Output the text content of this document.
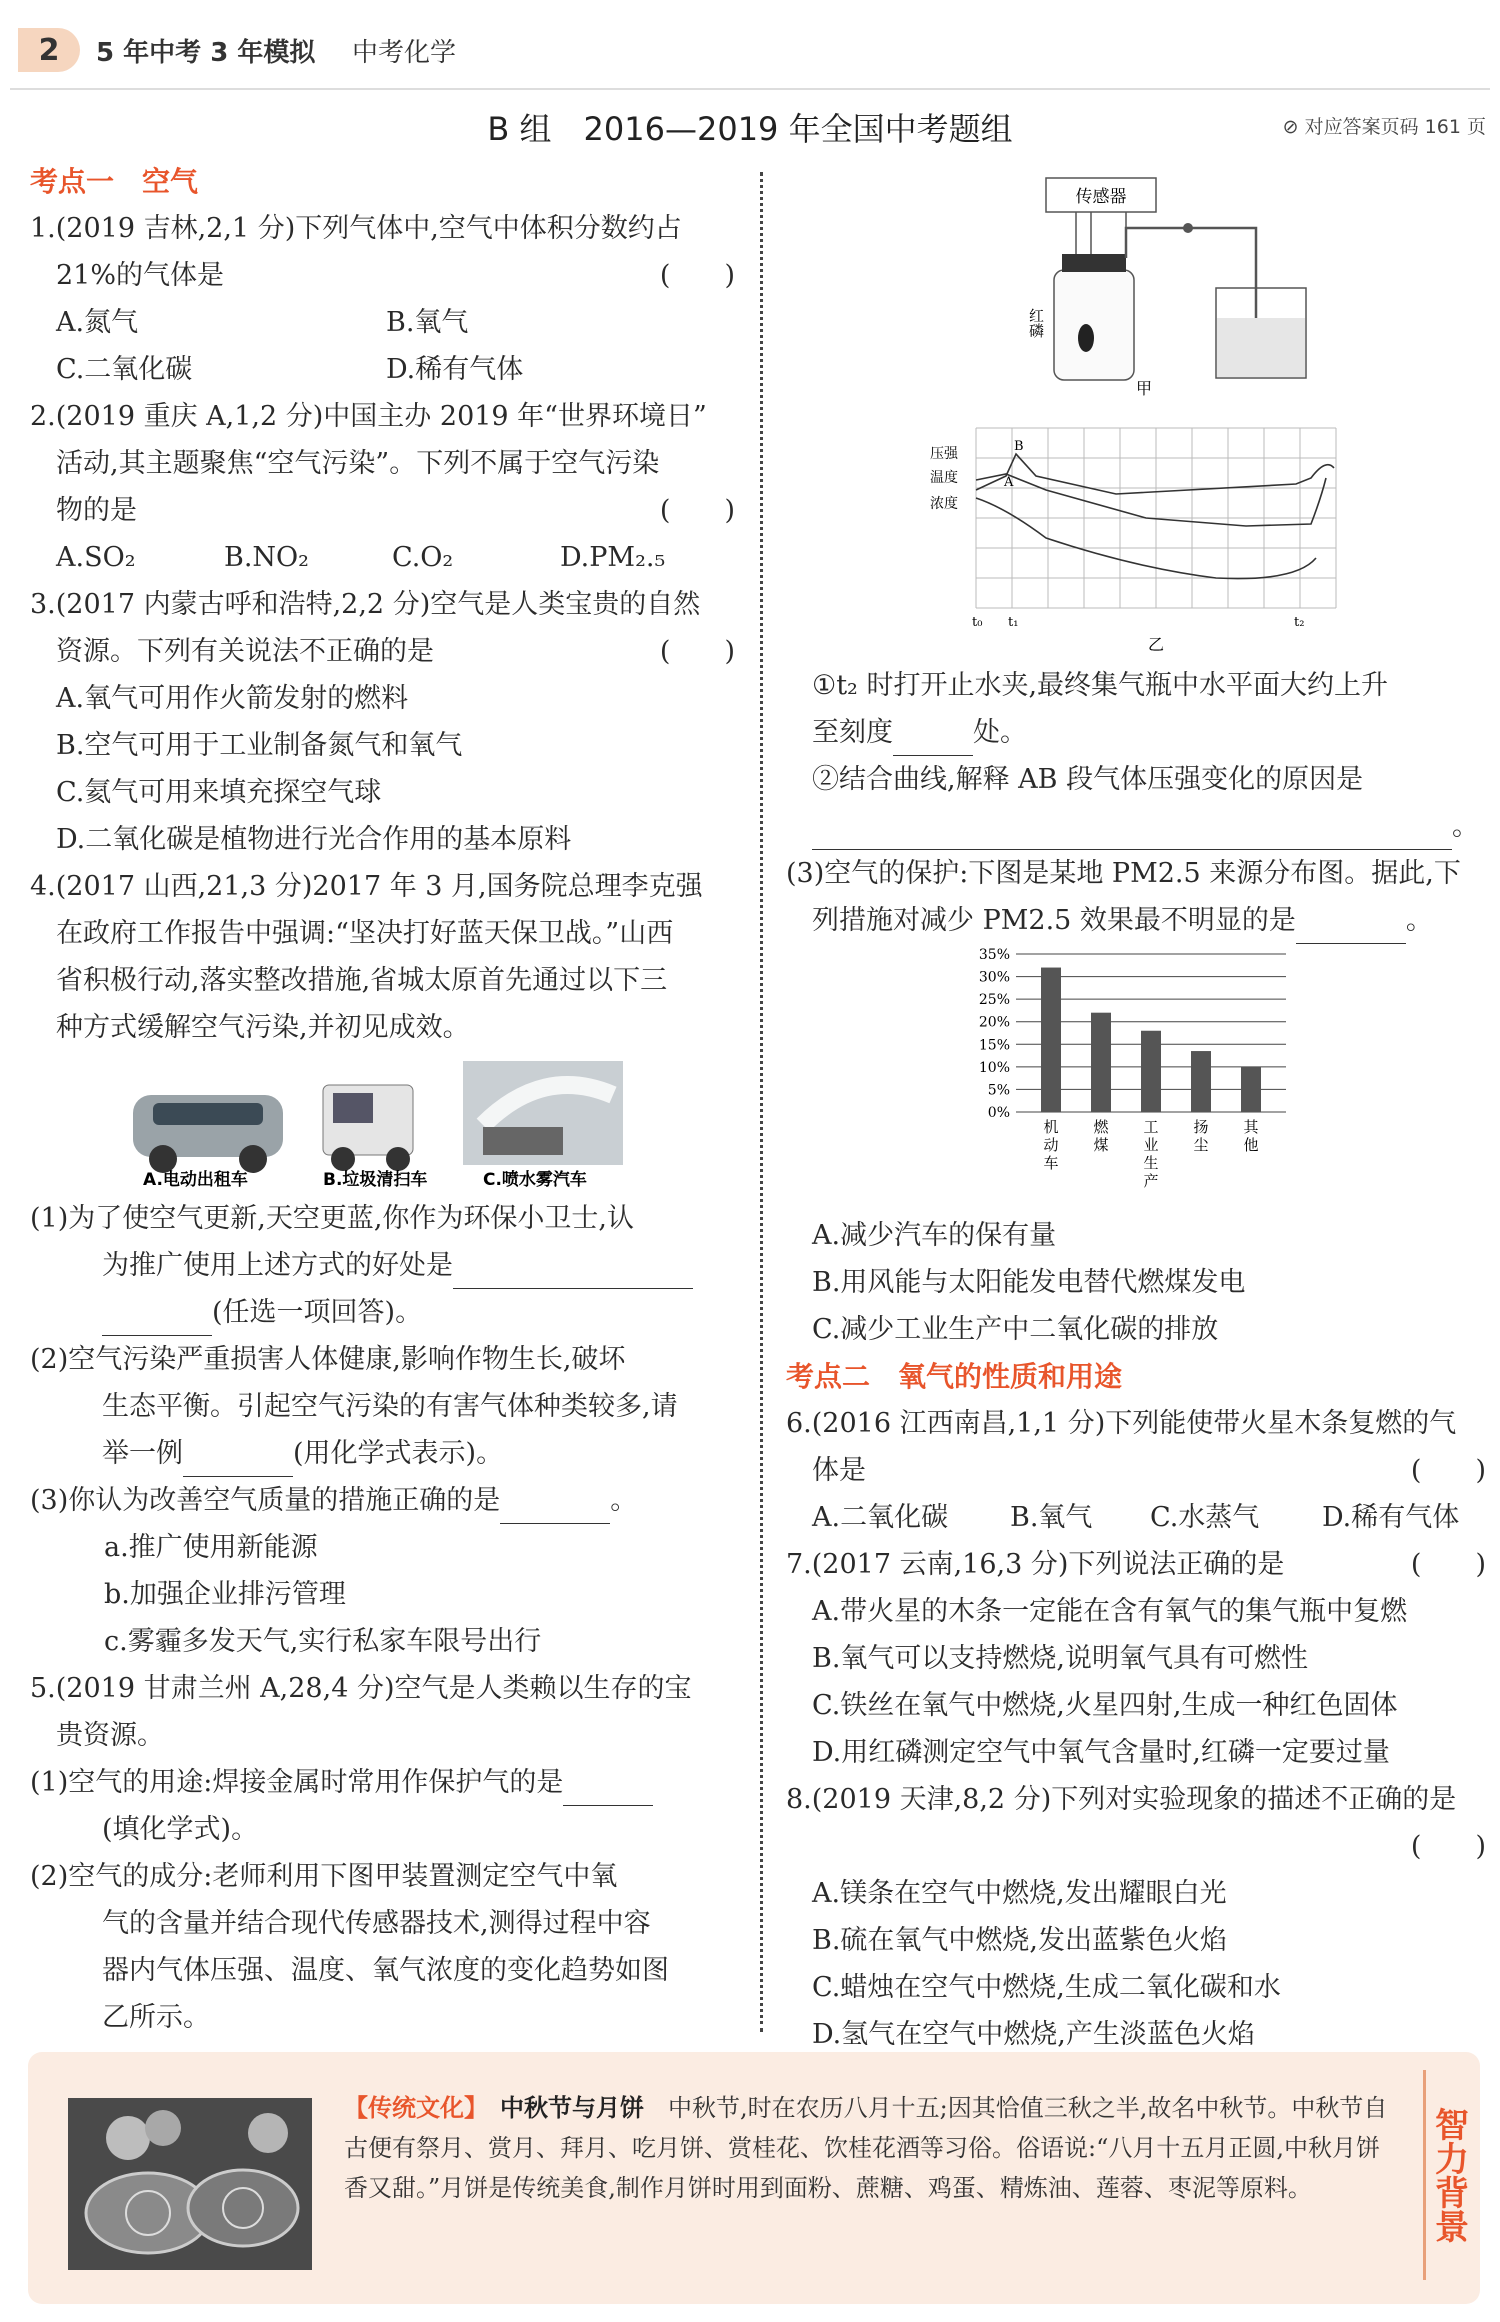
2	5 年中考 3 年模拟 中考化学
B 组　2016—2019 年全国中考题组	⊘ 对应答案页码 161 页
考点一　空气
1.(2019 吉林,2,1 分)下列气体中,空气中体积分数约占
21%的气体是	(　　)
A.氮气	B.氧气
C.二氧化碳	D.稀有气体
2.(2019 重庆 A,1,2 分)中国主办 2019 年“世界环境日”
活动,其主题聚焦“空气污染”。下列不属于空气污染
物的是	(　　)
A.SO₂	B.NO₂	C.O₂	D.PM₂.₅
3.(2017 内蒙古呼和浩特,2,2 分)空气是人类宝贵的自然
资源。下列有关说法不正确的是	(　　)
A.氧气可用作火箭发射的燃料
B.空气可用于工业制备氮气和氧气
C.氦气可用来填充探空气球
D.二氧化碳是植物进行光合作用的基本原料
4.(2017 山西,21,3 分)2017 年 3 月,国务院总理李克强
在政府工作报告中强调:“坚决打好蓝天保卫战。”山西
省积极行动,落实整改措施,省城太原首先通过以下三
种方式缓解空气污染,并初见成效。
A.电动出租车	B.垃圾清扫车	C.喷水雾汽车
(1)为了使空气更新,天空更蓝,你作为环保小卫士,认
为推广使用上述方式的好处是
(任选一项回答)。
(2)空气污染严重损害人体健康,影响作物生长,破坏
生态平衡。引起空气污染的有害气体种类较多,请
举一例	(用化学式表示)。
(3)你认为改善空气质量的措施正确的是	。
a.推广使用新能源
b.加强企业排污管理
c.雾霾多发天气,实行私家车限号出行
5.(2019 甘肃兰州 A,28,4 分)空气是人类赖以生存的宝
贵资源。
(1)空气的用途:焊接金属时常用作保护气的是
(填化学式)。
(2)空气的成分:老师利用下图甲装置测定空气中氧
气的含量并结合现代传感器技术,测得过程中容
器内气体压强、温度、氧气浓度的变化趋势如图
乙所示。
传感器
红磷
甲
压强
温度
浓度
A
B
t₀ t₁	t₂
乙
①t₂ 时打开止水夹,最终集气瓶中水平面大约上升
至刻度	处。
②结合曲线,解释 AB 段气体压强变化的原因是
。
(3)空气的保护:下图是某地 PM2.5 来源分布图。据此,下
列措施对减少 PM2.5 效果最不明显的是	。
0%
5%
10%
15%
20%
25%
30%
35%
机
动
车
燃
煤
工
业
生
产
扬
尘
其
他
A.减少汽车的保有量
B.用风能与太阳能发电替代燃煤发电
C.减少工业生产中二氧化碳的排放
考点二　氧气的性质和用途
6.(2016 江西南昌,1,1 分)下列能使带火星木条复燃的气
体是	(　　)
A.二氧化碳 B.氧气 C.水蒸气 D.稀有气体
7.(2017 云南,16,3 分)下列说法正确的是	(　　)
A.带火星的木条一定能在含有氧气的集气瓶中复燃
B.氧气可以支持燃烧,说明氧气具有可燃性
C.铁丝在氧气中燃烧,火星四射,生成一种红色固体
D.用红磷测定空气中氧气含量时,红磷一定要过量
8.(2019 天津,8,2 分)下列对实验现象的描述不正确的是
(　　)
A.镁条在空气中燃烧,发出耀眼白光
B.硫在氧气中燃烧,发出蓝紫色火焰
C.蜡烛在空气中燃烧,生成二氧化碳和水
D.氢气在空气中燃烧,产生淡蓝色火焰
【传统文化】　 中秋节与月饼　 中秋节,时在农历八月十五;因其恰值三秋之半,故名中秋节。中秋节自古便有祭月、赏月、拜月、吃月饼、赏桂花、饮桂花酒等习俗。俗语说:“八月十五月正圆,中秋月饼香又甜。”月饼是传统美食,制作月饼时用到面粉、蔗糖、鸡蛋、精炼油、莲蓉、枣泥等原料。	智力背景
